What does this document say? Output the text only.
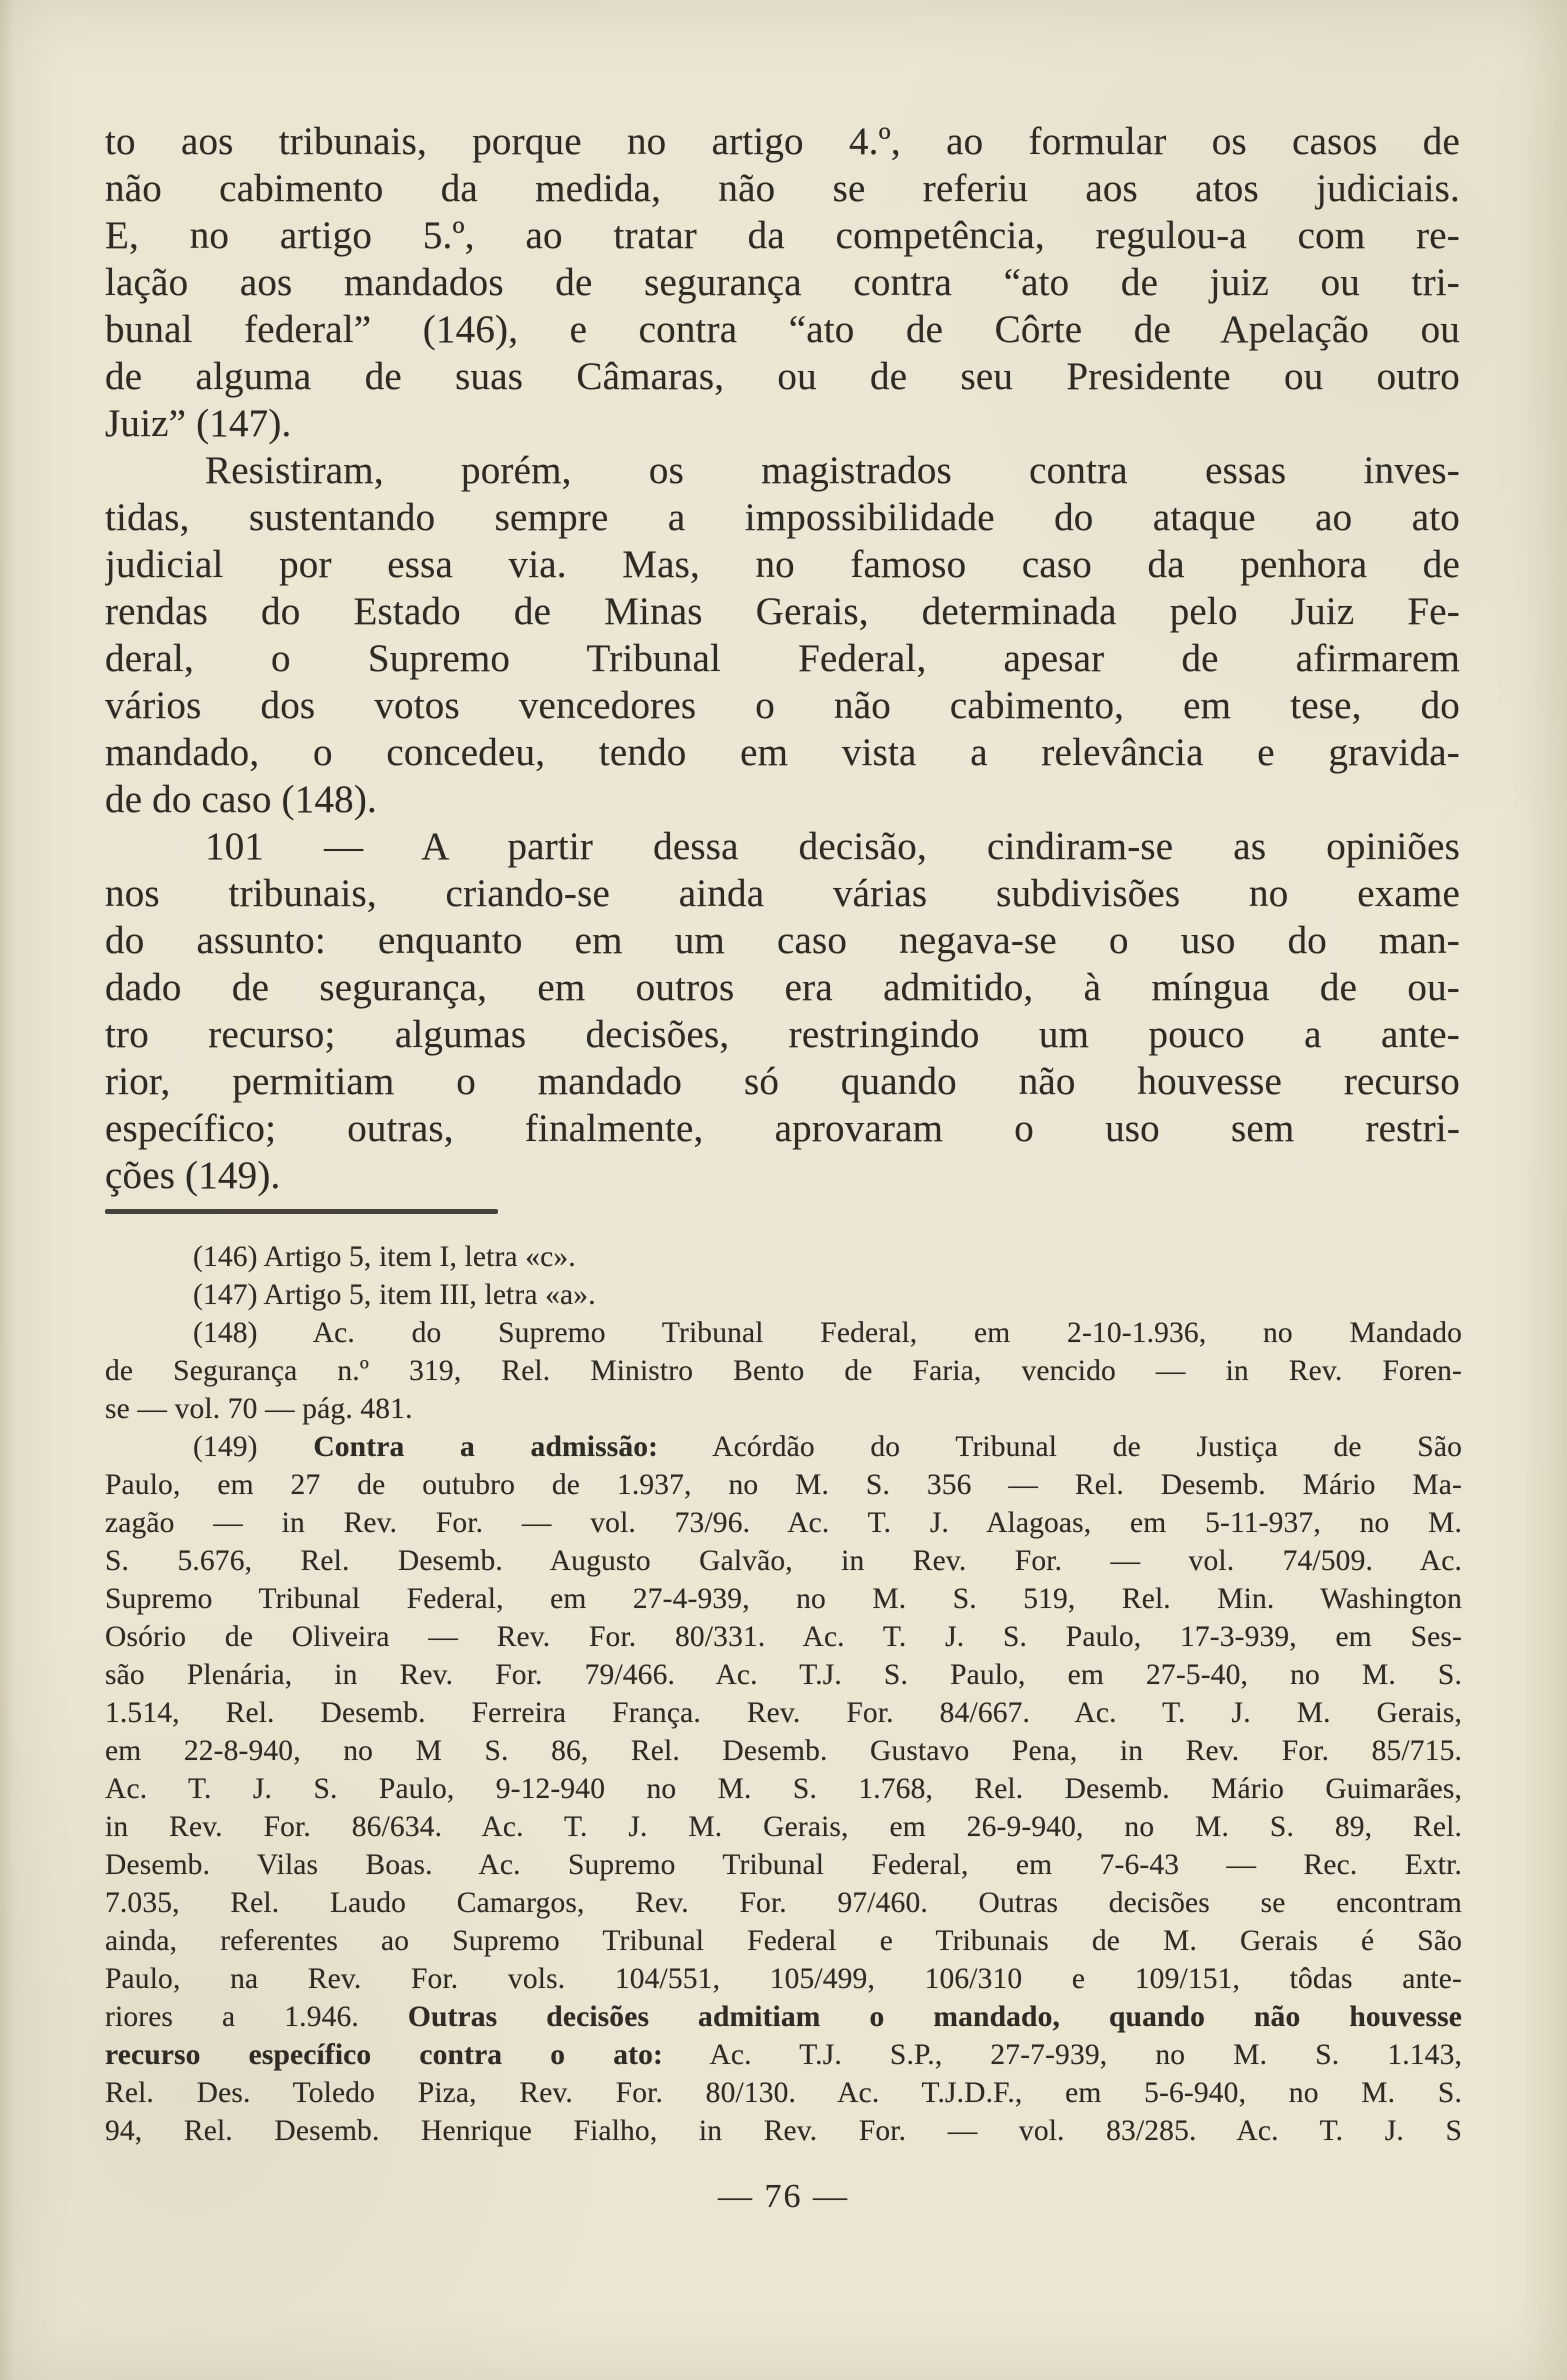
to aos tribunais, porque no artigo 4.º, ao formular os casos de
não cabimento da medida, não se referiu aos atos judiciais.
E, no artigo 5.º, ao tratar da competência, regulou-a com re-
lação aos mandados de segurança contra “ato de juiz ou tri-
bunal federal” (146), e contra “ato de Côrte de Apelação ou
de alguma de suas Câmaras, ou de seu Presidente ou outro
Juiz” (147).
Resistiram, porém, os magistrados contra essas inves-
tidas, sustentando sempre a impossibilidade do ataque ao ato
judicial por essa via. Mas, no famoso caso da penhora de
rendas do Estado de Minas Gerais, determinada pelo Juiz Fe-
deral, o Supremo Tribunal Federal, apesar de afirmarem
vários dos votos vencedores o não cabimento, em tese, do
mandado, o concedeu, tendo em vista a relevância e gravida-
de do caso (148).
101 — A partir dessa decisão, cindiram-se as opiniões
nos tribunais, criando-se ainda várias subdivisões no exame
do assunto: enquanto em um caso negava-se o uso do man-
dado de segurança, em outros era admitido, à míngua de ou-
tro recurso; algumas decisões, restringindo um pouco a ante-
rior, permitiam o mandado só quando não houvesse recurso
específico; outras, finalmente, aprovaram o uso sem restri-
ções (149).
(146) Artigo 5, item I, letra «c».
(147) Artigo 5, item III, letra «a».
(148) Ac. do Supremo Tribunal Federal, em 2-10-1.936, no Mandado
de Segurança n.º 319, Rel. Ministro Bento de Faria, vencido — in Rev. Foren-
se — vol. 70 — pág. 481.
(149) Contra a admissão: Acórdão do Tribunal de Justiça de São
Paulo, em 27 de outubro de 1.937, no M. S. 356 — Rel. Desemb. Mário Ma-
zagão — in Rev. For. — vol. 73/96. Ac. T. J. Alagoas, em 5-11-937, no M.
S. 5.676, Rel. Desemb. Augusto Galvão, in Rev. For. — vol. 74/509. Ac.
Supremo Tribunal Federal, em 27-4-939, no M. S. 519, Rel. Min. Washington
Osório de Oliveira — Rev. For. 80/331. Ac. T. J. S. Paulo, 17-3-939, em Ses-
são Plenária, in Rev. For. 79/466. Ac. T.J. S. Paulo, em 27-5-40, no M. S.
1.514, Rel. Desemb. Ferreira França. Rev. For. 84/667. Ac. T. J. M. Gerais,
em 22-8-940, no M S. 86, Rel. Desemb. Gustavo Pena, in Rev. For. 85/715.
Ac. T. J. S. Paulo, 9-12-940 no M. S. 1.768, Rel. Desemb. Mário Guimarães,
in Rev. For. 86/634. Ac. T. J. M. Gerais, em 26-9-940, no M. S. 89, Rel.
Desemb. Vilas Boas. Ac. Supremo Tribunal Federal, em 7-6-43 — Rec. Extr.
7.035, Rel. Laudo Camargos, Rev. For. 97/460. Outras decisões se encontram
ainda, referentes ao Supremo Tribunal Federal e Tribunais de M. Gerais é São
Paulo, na Rev. For. vols. 104/551, 105/499, 106/310 e 109/151, tôdas ante-
riores a 1.946. Outras decisões admitiam o mandado, quando não houvesse
recurso específico contra o ato: Ac. T.J. S.P., 27-7-939, no M. S. 1.143,
Rel. Des. Toledo Piza, Rev. For. 80/130. Ac. T.J.D.F., em 5-6-940, no M. S.
94, Rel. Desemb. Henrique Fialho, in Rev. For. — vol. 83/285. Ac. T. J. S
— 76 —
